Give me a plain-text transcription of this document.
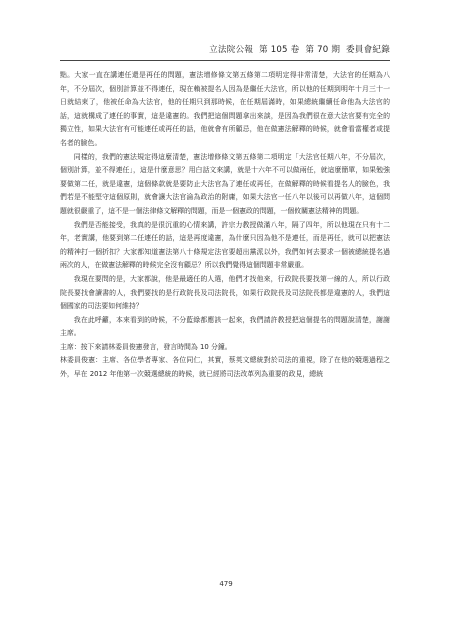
立法院公報 第 105 卷 第 70 期 委員會紀錄

點。大家一直在講連任還是再任的問題，憲法增修條文第五條第二項明定得非常清楚，大法官的任期為八年，不分屆次，個別計算並不得連任，現在賴被提名人因為是繼任大法官，所以他的任期到明年十月三十一日就結束了，他被任命為大法官，他的任期只到那時候，在任期屆滿時，如果總統繼續任命他為大法官的話，這就構成了連任的事實，這是違憲的。我們把這個問題拿出來談，是因為我們很在意大法官要有完全的獨立性，如果大法官有可能連任或再任的話，他就會有所顧忌，他在做憲法解釋的時候，就會看當權者或提名者的臉色。

同樣的，我們的憲法規定得這麼清楚，憲法增修條文第五條第二項明定「大法官任期八年，不分屆次，個別計算，並不得連任」，這是什麼意思？用白話文來講，就是十六年不可以做兩任，就這麼簡單，如果勉強要做第二任，就是違憲，這個條款就是要防止大法官為了連任或再任，在做解釋的時候看提名人的臉色，我們若是不能堅守這個原則，就會讓大法官淪為政治的附庸，如果大法官一任八年以後可以再做八年，這個問題就很嚴重了，這不是一個法律條文解釋的問題，而是一個憲政的問題，一個攸關憲法精神的問題。

我們是否能接受，我真的是很沉重的心情來講，許宗力教授做滿八年，隔了四年，所以他現在只有十二年，老實講，他要到第二任連任的話，這是再度違憲，為什麼只因為他不是連任，而是再任，就可以把憲法的精神打一個折扣？大家都知道憲法第八十條規定法官要超出黨派以外，我們如何去要求一個被總統提名過兩次的人，在做憲法解釋的時候完全沒有顧忌？所以我們覺得這個問題非常嚴重。

我現在要問的是，大家都說，他是最適任的人選，他們才找他來，行政院長要找第一線的人，所以行政院長要找會讀書的人，我們要找的是行政院長及司法院長，如果行政院長及司法院長都是違憲的人，我們這個國家的司法要如何維持？

我在此呼籲，本來看到的時候，不分藍綠都應該一起來，我們請許教授把這個提名的問題說清楚，謝謝主席。

主席：按下來請林委員俊憲發言，發言時間為 10 分鐘。

林委員俊憲：主席、各位學者專家、各位同仁，其實，蔡英文總統對於司法的重視，除了在他的競選過程之外，早在 2012 年他第一次競選總統的時候，就已經將司法改革列為重要的政見，總統

479
